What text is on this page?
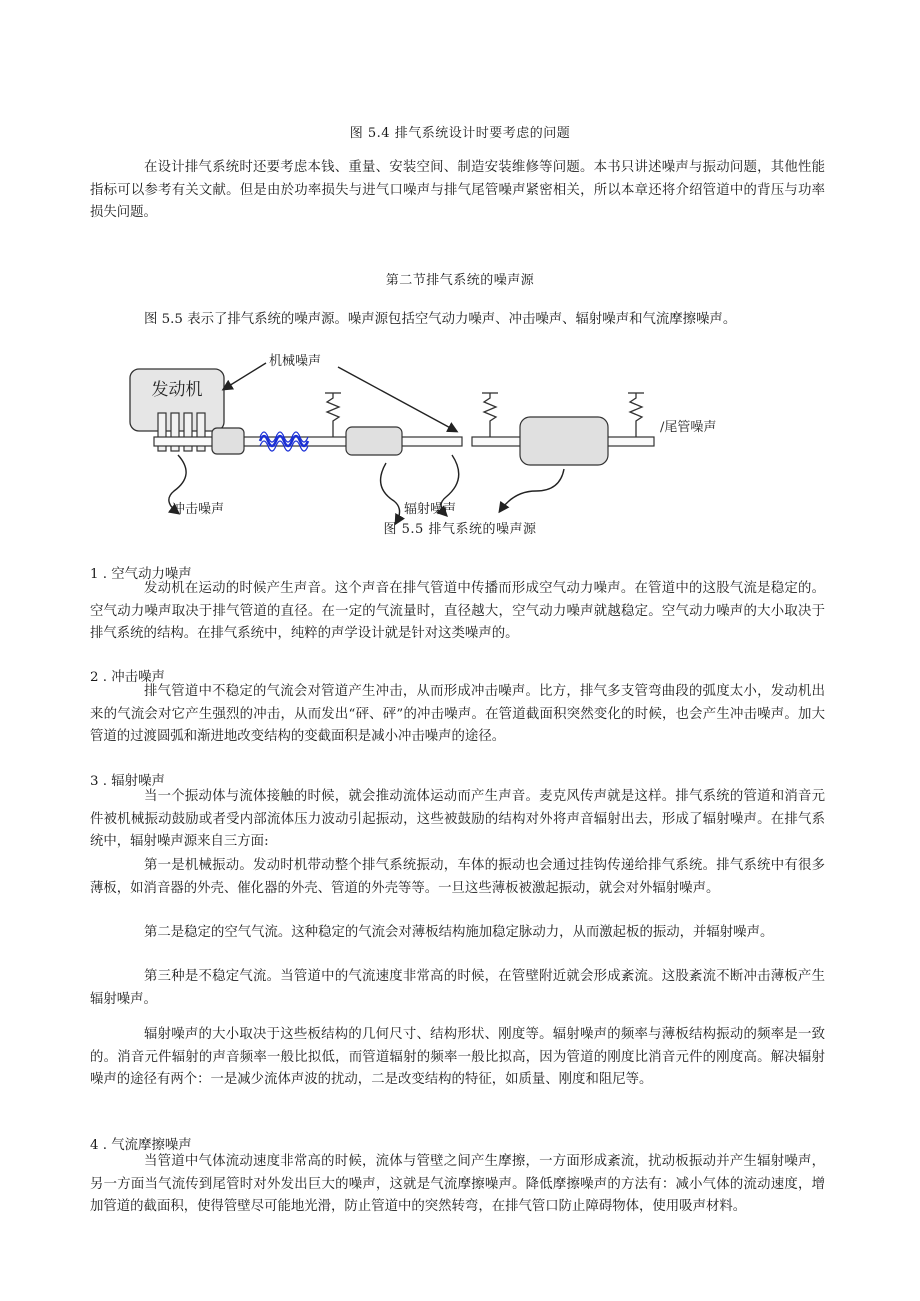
图 5.4 排气系统设计时要考虑的问题

在设计排气系统时还要考虑本钱、重量、安装空间、制造安装维修等问题。本书只讲述噪声与振动问题，其他性能指标可以参考有关文献。但是由於功率损失与进气口噪声与排气尾管噪声紧密相关，所以本章还将介绍管道中的背压与功率损失问题。

第二节排气系统的噪声源

图 5.5 表示了排气系统的噪声源。噪声源包括空气动力噪声、冲击噪声、辐射噪声和气流摩擦噪声。

发动机
机械噪声
/尾管噪声
冲击噪声	辐射噪声
图 5.5 排气系统的噪声源
1 . 空气动力噪声

发动机在运动的时候产生声音。这个声音在排气管道中传播而形成空气动力噪声。在管道中的这股气流是稳定的。空气动力噪声取决于排气管道的直径。在一定的气流量时，直径越大，空气动力噪声就越稳定。空气动力噪声的大小取决于排气系统的结构。在排气系统中，纯粹的声学设计就是针对这类噪声的。

2 . 冲击噪声

排气管道中不稳定的气流会对管道产生冲击，从而形成冲击噪声。比方，排气多支管弯曲段的弧度太小，发动机出来的气流会对它产生强烈的冲击，从而发出“砰、砰”的冲击噪声。在管道截面积突然变化的时候，也会产生冲击噪声。加大管道的过渡圆弧和渐进地改变结构的变截面积是减小冲击噪声的途径。

3 . 辐射噪声

当一个振动体与流体接触的时候，就会推动流体运动而产生声音。麦克风传声就是这样。排气系统的管道和消音元件被机械振动鼓励或者受内部流体压力波动引起振动，这些被鼓励的结构对外将声音辐射出去，形成了辐射噪声。在排气系统中，辐射噪声源来自三方面:

第一是机械振动。发动时机带动整个排气系统振动，车体的振动也会通过挂钩传递给排气系统。排气系统中有很多薄板，如消音器的外壳、催化器的外壳、管道的外壳等等。一旦这些薄板被激起振动，就会对外辐射噪声。

第二是稳定的空气气流。这种稳定的气流会对薄板结构施加稳定脉动力，从而激起板的振动，并辐射噪声。

第三种是不稳定气流。当管道中的气流速度非常高的时候，在管壁附近就会形成紊流。这股紊流不断冲击薄板产生辐射噪声。

辐射噪声的大小取决于这些板结构的几何尺寸、结构形状、刚度等。辐射噪声的频率与薄板结构振动的频率是一致的。消音元件辐射的声音频率一般比拟低，而管道辐射的频率一般比拟高，因为管道的刚度比消音元件的刚度高。解决辐射噪声的途径有两个：一是减少流体声波的扰动，二是改变结构的特征，如质量、刚度和阻尼等。

4 . 气流摩擦噪声

当管道中气体流动速度非常高的时候，流体与管壁之间产生摩擦，一方面形成紊流，扰动板振动并产生辐射噪声，另一方面当气流传到尾管时对外发出巨大的噪声，这就是气流摩擦噪声。降低摩擦噪声的方法有：减小气体的流动速度，增加管道的截面积，使得管壁尽可能地光滑，防止管道中的突然转弯，在排气管口防止障碍物体，使用吸声材料。
